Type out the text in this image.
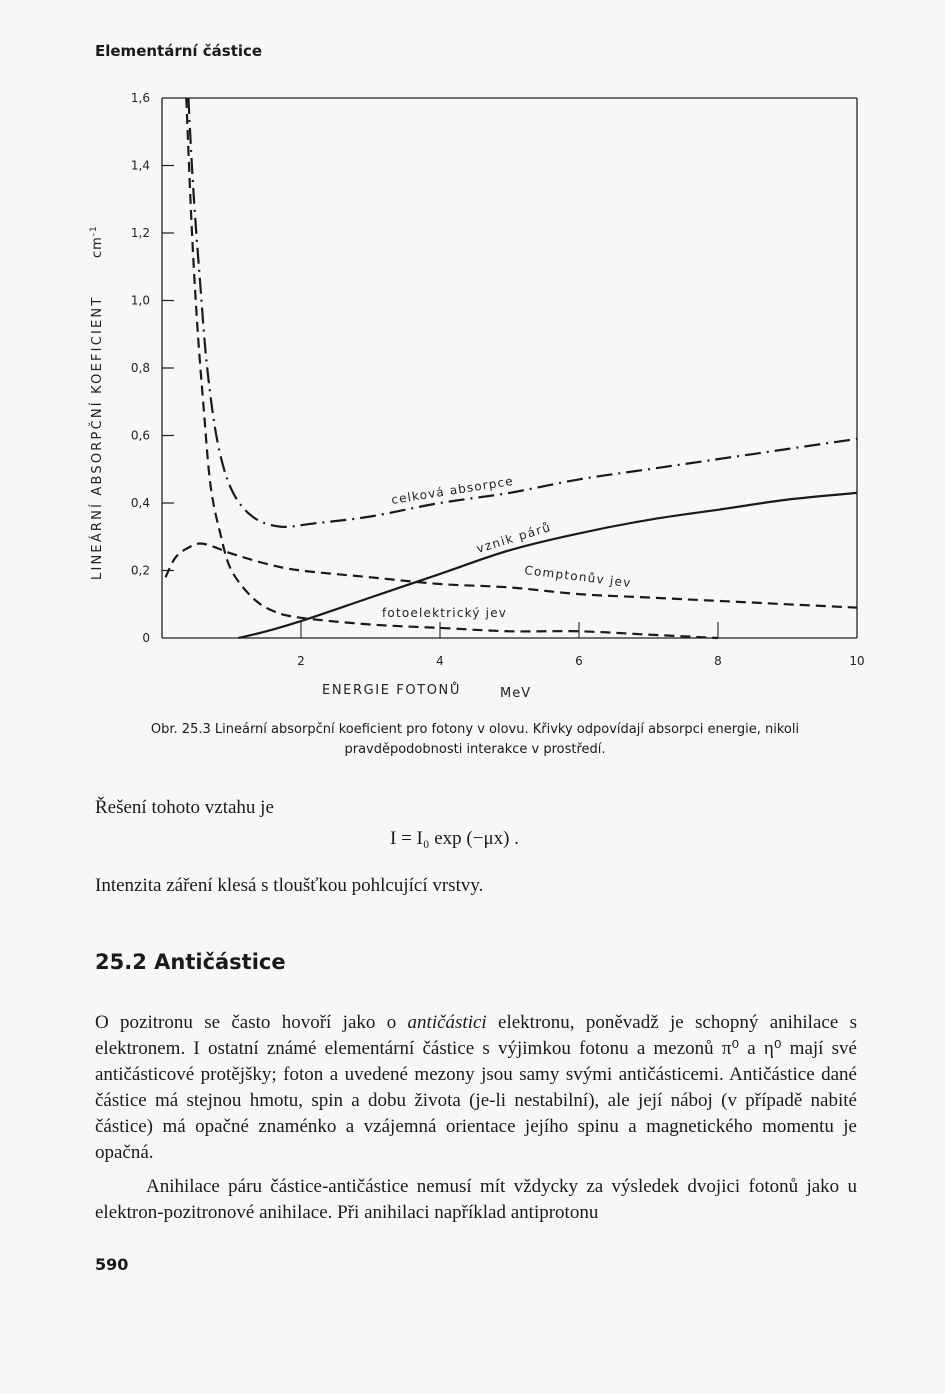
Elementární částice
0
0,2
0,4
0,6
0,8
1,0
1,2
1,4
1,6
2	4	6	8	10
LINEÁRNÍ ABSORPČNÍ KOEFICIENT
$cm^{-1}$
ENERGIE FOTONŮ	MeV
celková absorpce
vznik párů
Comptonův jev
fotoelektrický jev
Obr. 25.3 Lineární absorpční koeficient pro fotony v olovu. Křivky odpovídají absorpci energie, nikoli pravděpodobnosti interakce v prostředí.
Řešení tohoto vztahu je
I = I₀ exp (−μx) .
Intenzita záření klesá s tloušťkou pohlcující vrstvy.
25.2 Antičástice
O pozitronu se často hovoří jako o antičástici elektronu, poněvadž je schopný anihilace s elektronem. I ostatní známé elementární částice s výjimkou fotonu a mezonů π⁰ a η⁰ mají své antičásticové protějšky; foton a uvedené mezony jsou samy svými antičásticemi. Antičástice dané částice má stejnou hmotu, spin a dobu života (je-li nestabilní), ale její náboj (v případě nabité částice) má opačné znaménko a vzájemná orientace jejího spinu a magnetického momentu je opačná.
Anihilace páru částice-antičástice nemusí mít vždycky za výsledek dvojici fotonů jako u elektron-pozitronové anihilace. Při anihilaci například antiprotonu
590
